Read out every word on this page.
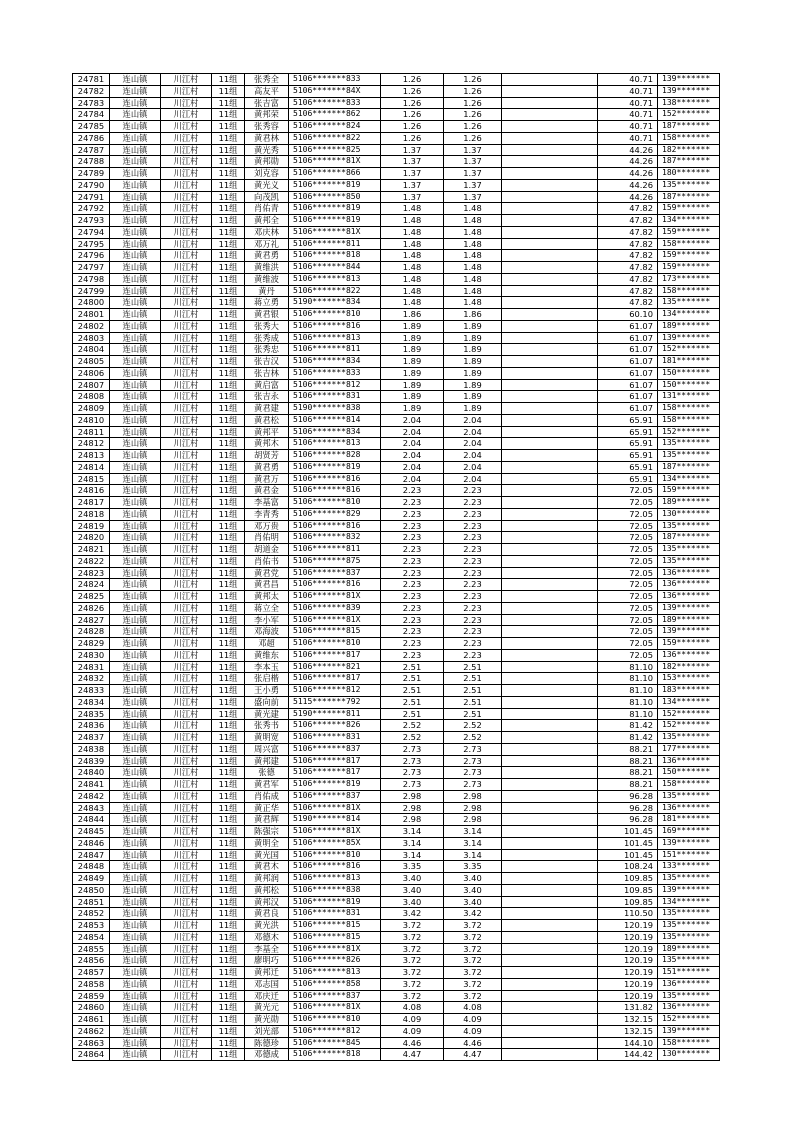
24781	连山镇	川江村	11组	张秀全	5106*******833	1.26	1.26		40.71	139*******
24782	连山镇	川江村	11组	高友平	5106*******84X	1.26	1.26		40.71	139*******
24783	连山镇	川江村	11组	张吉富	5106*******833	1.26	1.26		40.71	138*******
24784	连山镇	川江村	11组	黄邦荣	5106*******862	1.26	1.26		40.71	152*******
24785	连山镇	川江村	11组	张秀容	5106*******824	1.26	1.26		40.71	187*******
24786	连山镇	川江村	11组	黄君林	5106*******822	1.26	1.26		40.71	158*******
24787	连山镇	川江村	11组	黄光秀	5106*******825	1.37	1.37		44.26	182*******
24788	连山镇	川江村	11组	黄邦勋	5106*******81X	1.37	1.37		44.26	187*******
24789	连山镇	川江村	11组	刘克容	5106*******866	1.37	1.37		44.26	180*******
24790	连山镇	川江村	11组	黄光义	5106*******819	1.37	1.37		44.26	135*******
24791	连山镇	川江村	11组	向茂凯	5106*******850	1.37	1.37		44.26	187*******
24792	连山镇	川江村	11组	肖佑青	5106*******819	1.48	1.48		47.82	159*******
24793	连山镇	川江村	11组	黄邦全	5106*******819	1.48	1.48		47.82	134*******
24794	连山镇	川江村	11组	邓庆林	5106*******81X	1.48	1.48		47.82	159*******
24795	连山镇	川江村	11组	邓万礼	5106*******811	1.48	1.48		47.82	158*******
24796	连山镇	川江村	11组	黄君勇	5106*******818	1.48	1.48		47.82	159*******
24797	连山镇	川江村	11组	黄维洪	5106*******844	1.48	1.48		47.82	159*******
24798	连山镇	川江村	11组	黄维波	5106*******813	1.48	1.48		47.82	173*******
24799	连山镇	川江村	11组	黄丹	5106*******822	1.48	1.48		47.82	158*******
24800	连山镇	川江村	11组	蒋立勇	5190*******834	1.48	1.48		47.82	135*******
24801	连山镇	川江村	11组	黄君银	5106*******810	1.86	1.86		60.10	134*******
24802	连山镇	川江村	11组	张秀大	5106*******816	1.89	1.89		61.07	189*******
24803	连山镇	川江村	11组	张秀成	5106*******813	1.89	1.89		61.07	139*******
24804	连山镇	川江村	11组	张秀忠	5106*******811	1.89	1.89		61.07	152*******
24805	连山镇	川江村	11组	张吉汉	5106*******834	1.89	1.89		61.07	181*******
24806	连山镇	川江村	11组	张吉林	5106*******833	1.89	1.89		61.07	150*******
24807	连山镇	川江村	11组	黄启富	5106*******812	1.89	1.89		61.07	150*******
24808	连山镇	川江村	11组	张吉永	5106*******831	1.89	1.89		61.07	131*******
24809	连山镇	川江村	11组	黄君建	5190*******838	1.89	1.89		61.07	158*******
24810	连山镇	川江村	11组	黄君松	5106*******814	2.04	2.04		65.91	158*******
24811	连山镇	川江村	11组	黄邦平	5106*******834	2.04	2.04		65.91	152*******
24812	连山镇	川江村	11组	黄邦木	5106*******813	2.04	2.04		65.91	135*******
24813	连山镇	川江村	11组	胡贤芳	5106*******828	2.04	2.04		65.91	135*******
24814	连山镇	川江村	11组	黄君勇	5106*******819	2.04	2.04		65.91	187*******
24815	连山镇	川江村	11组	黄君万	5106*******816	2.04	2.04		65.91	134*******
24816	连山镇	川江村	11组	黄君金	5106*******816	2.23	2.23		72.05	159*******
24817	连山镇	川江村	11组	李基富	5106*******810	2.23	2.23		72.05	189*******
24818	连山镇	川江村	11组	李青秀	5106*******829	2.23	2.23		72.05	130*******
24819	连山镇	川江村	11组	邓万贵	5106*******816	2.23	2.23		72.05	135*******
24820	连山镇	川江村	11组	肖佑明	5106*******832	2.23	2.23		72.05	187*******
24821	连山镇	川江村	11组	胡道金	5106*******811	2.23	2.23		72.05	135*******
24822	连山镇	川江村	11组	肖佑书	5106*******875	2.23	2.23		72.05	135*******
24823	连山镇	川江村	11组	黄君党	5106*******837	2.23	2.23		72.05	136*******
24824	连山镇	川江村	11组	黄君昌	5106*******816	2.23	2.23		72.05	136*******
24825	连山镇	川江村	11组	黄邦太	5106*******81X	2.23	2.23		72.05	136*******
24826	连山镇	川江村	11组	蒋立全	5106*******839	2.23	2.23		72.05	139*******
24827	连山镇	川江村	11组	李小军	5106*******81X	2.23	2.23		72.05	189*******
24828	连山镇	川江村	11组	邓海波	5106*******815	2.23	2.23		72.05	139*******
24829	连山镇	川江村	11组	邓超	5106*******810	2.23	2.23		72.05	159*******
24830	连山镇	川江村	11组	黄维东	5106*******817	2.23	2.23		72.05	136*******
24831	连山镇	川江村	11组	李本玉	5106*******821	2.51	2.51		81.10	182*******
24832	连山镇	川江村	11组	张启楷	5106*******817	2.51	2.51		81.10	153*******
24833	连山镇	川江村	11组	王小勇	5106*******812	2.51	2.51		81.10	183*******
24834	连山镇	川江村	11组	盛向前	5115*******792	2.51	2.51		81.10	134*******
24835	连山镇	川江村	11组	黄光建	5190*******811	2.51	2.51		81.10	152*******
24836	连山镇	川江村	11组	张秀书	5106*******826	2.52	2.52		81.42	152*******
24837	连山镇	川江村	11组	黄明宽	5106*******831	2.52	2.52		81.42	135*******
24838	连山镇	川江村	11组	周兴富	5106*******837	2.73	2.73		88.21	177*******
24839	连山镇	川江村	11组	黄邦建	5106*******817	2.73	2.73		88.21	136*******
24840	连山镇	川江村	11组	张德	5106*******817	2.73	2.73		88.21	150*******
24841	连山镇	川江村	11组	黄君军	5106*******819	2.73	2.73		88.21	158*******
24842	连山镇	川江村	11组	肖佑成	5106*******837	2.98	2.98		96.28	135*******
24843	连山镇	川江村	11组	黄正华	5106*******81X	2.98	2.98		96.28	136*******
24844	连山镇	川江村	11组	黄君辉	5190*******814	2.98	2.98		96.28	181*******
24845	连山镇	川江村	11组	陈强宗	5106*******81X	3.14	3.14		101.45	169*******
24846	连山镇	川江村	11组	黄明全	5106*******85X	3.14	3.14		101.45	139*******
24847	连山镇	川江村	11组	黄光国	5106*******810	3.14	3.14		101.45	151*******
24848	连山镇	川江村	11组	黄君木	5106*******816	3.35	3.35		108.24	133*******
24849	连山镇	川江村	11组	黄邦润	5106*******813	3.40	3.40		109.85	135*******
24850	连山镇	川江村	11组	黄邦松	5106*******838	3.40	3.40		109.85	139*******
24851	连山镇	川江村	11组	黄邦汉	5106*******819	3.40	3.40		109.85	134*******
24852	连山镇	川江村	11组	黄君良	5106*******831	3.42	3.42		110.50	135*******
24853	连山镇	川江村	11组	黄光洪	5106*******815	3.72	3.72		120.19	135*******
24854	连山镇	川江村	11组	邓德木	5106*******815	3.72	3.72		120.19	135*******
24855	连山镇	川江村	11组	李基全	5106*******81X	3.72	3.72		120.19	189*******
24856	连山镇	川江村	11组	廖明巧	5106*******826	3.72	3.72		120.19	135*******
24857	连山镇	川江村	11组	黄邦迁	5106*******813	3.72	3.72		120.19	151*******
24858	连山镇	川江村	11组	邓志国	5106*******858	3.72	3.72		120.19	136*******
24859	连山镇	川江村	11组	邓庆迁	5106*******837	3.72	3.72		120.19	135*******
24860	连山镇	川江村	11组	黄光元	5106*******81X	4.08	4.08		131.82	136*******
24861	连山镇	川江村	11组	黄光勋	5106*******810	4.09	4.09		132.15	152*******
24862	连山镇	川江村	11组	刘光部	5106*******812	4.09	4.09		132.15	139*******
24863	连山镇	川江村	11组	陈德珍	5106*******845	4.46	4.46		144.10	158*******
24864	连山镇	川江村	11组	邓德成	5106*******818	4.47	4.47		144.42	130*******
